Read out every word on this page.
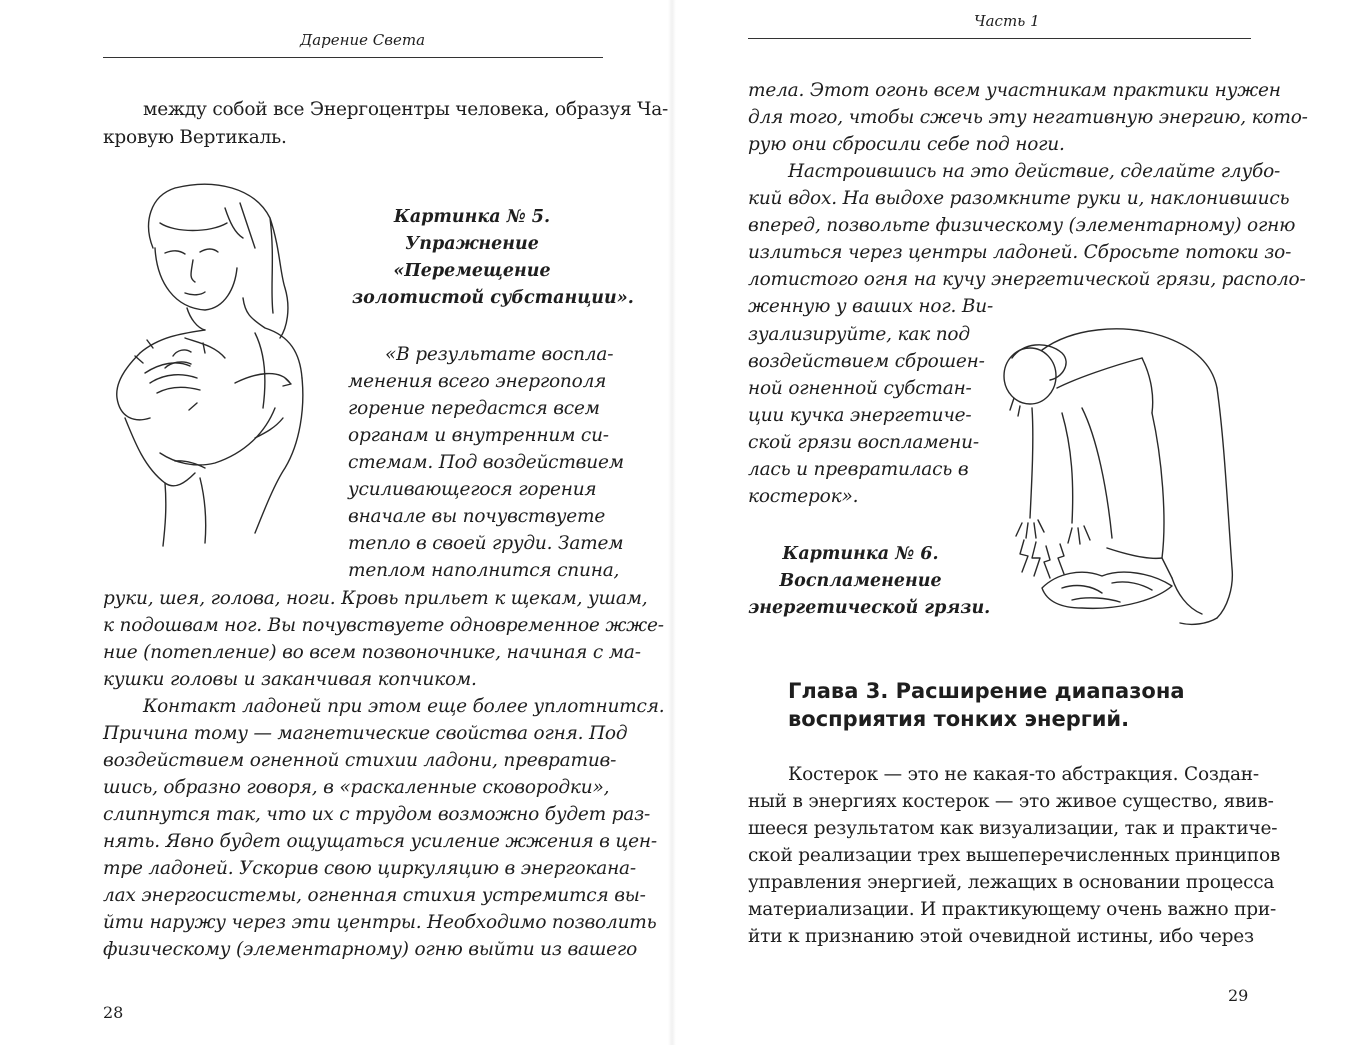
Дарение Света
между собой все Энергоцентры человека, образуя Ча-
кровую Вертикаль.
Картинка № 5.
Упражнение
«Перемещение
золотистой субстанции».
«В результате воспла-
менения всего энергополя
горение передастся всем
органам и внутренним си-
стемам. Под воздействием
усиливающегося горения
вначале вы почувствуете
тепло в своей груди. Затем
теплом наполнится спина,
руки, шея, голова, ноги. Кровь прильет к щекам, ушам,
к подошвам ног. Вы почувствуете одновременное жже-
ние (потепление) во всем позвоночнике, начиная с ма-
кушки головы и заканчивая копчиком.
Контакт ладоней при этом еще более уплотнится.
Причина тому — магнетические свойства огня. Под
воздействием огненной стихии ладони, превратив-
шись, образно говоря, в «раскаленные сковородки»,
слипнутся так, что их с трудом возможно будет раз-
нять. Явно будет ощущаться усиление жжения в цен-
тре ладоней. Ускорив свою циркуляцию в энергокана-
лах энергосистемы, огненная стихия устремится вы-
йти наружу через эти центры. Необходимо позволить
физическому (элементарному) огню выйти из вашего
28
Часть 1
тела. Этот огонь всем участникам практики нужен
для того, чтобы сжечь эту негативную энергию, кото-
рую они сбросили себе под ноги.
Настроившись на это действие, сделайте глубо-
кий вдох. На выдохе разомкните руки и, наклонившись
вперед, позвольте физическому (элементарному) огню
излиться через центры ладоней. Сбросьте потоки зо-
лотистого огня на кучу энергетической грязи, располо-
женную у ваших ног. Ви-
зуализируйте, как под
воздействием сброшен-
ной огненной субстан-
ции кучка энергетиче-
ской грязи воспламени-
лась и превратилась в
костерок».
Картинка № 6.
Воспламенение
энергетической грязи.
Глава 3. Расширение диапазона
восприятия тонких энергий.
Костерок — это не какая-то абстракция. Создан-
ный в энергиях костерок — это живое существо, явив-
шееся результатом как визуализации, так и практиче-
ской реализации трех вышеперечисленных принципов
управления энергией, лежащих в основании процесса
материализации. И практикующему очень важно при-
йти к признанию этой очевидной истины, ибо через
29
